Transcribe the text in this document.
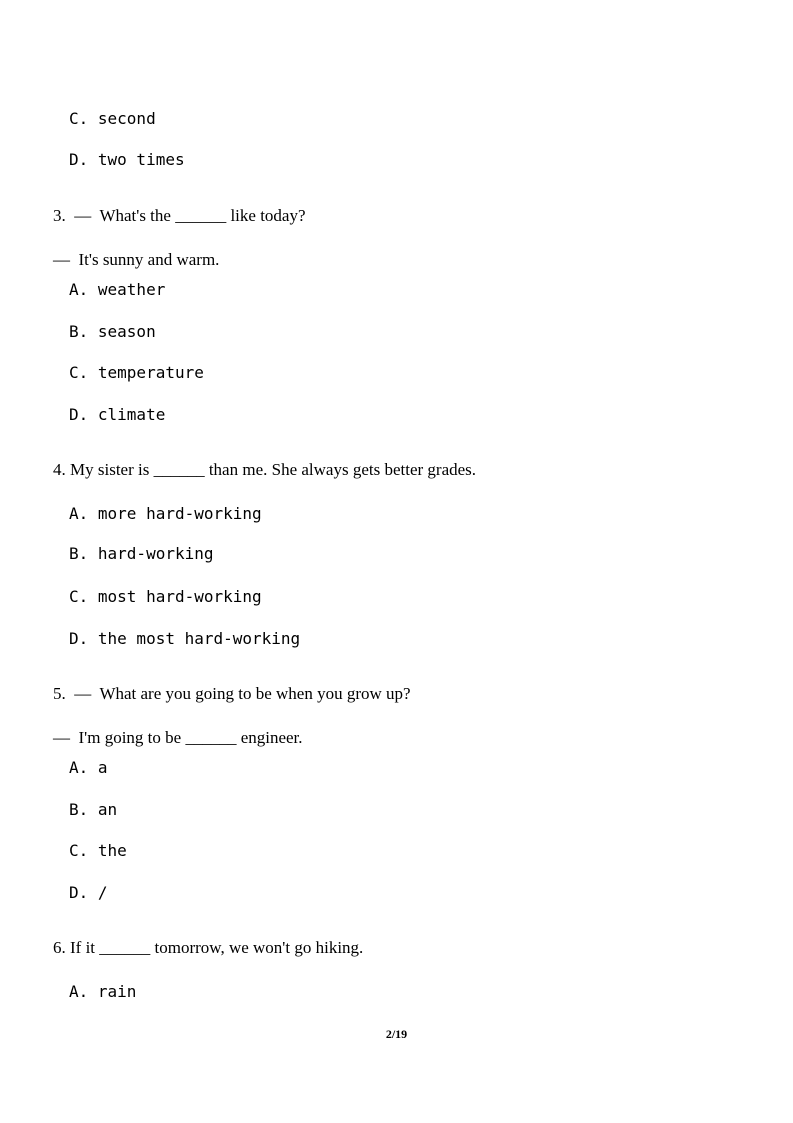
C. second
D. two times
3.  —  What's the ______ like today?
—  It's sunny and warm.
A. weather
B. season
C. temperature
D. climate
4. My sister is ______ than me. She always gets better grades.
A. more hard-working
B. hard-working
C. most hard-working
D. the most hard-working
5.  —  What are you going to be when you grow up?
—  I'm going to be ______ engineer.
A. a
B. an
C. the
D. /
6. If it ______ tomorrow, we won't go hiking.
A. rain
2/19
